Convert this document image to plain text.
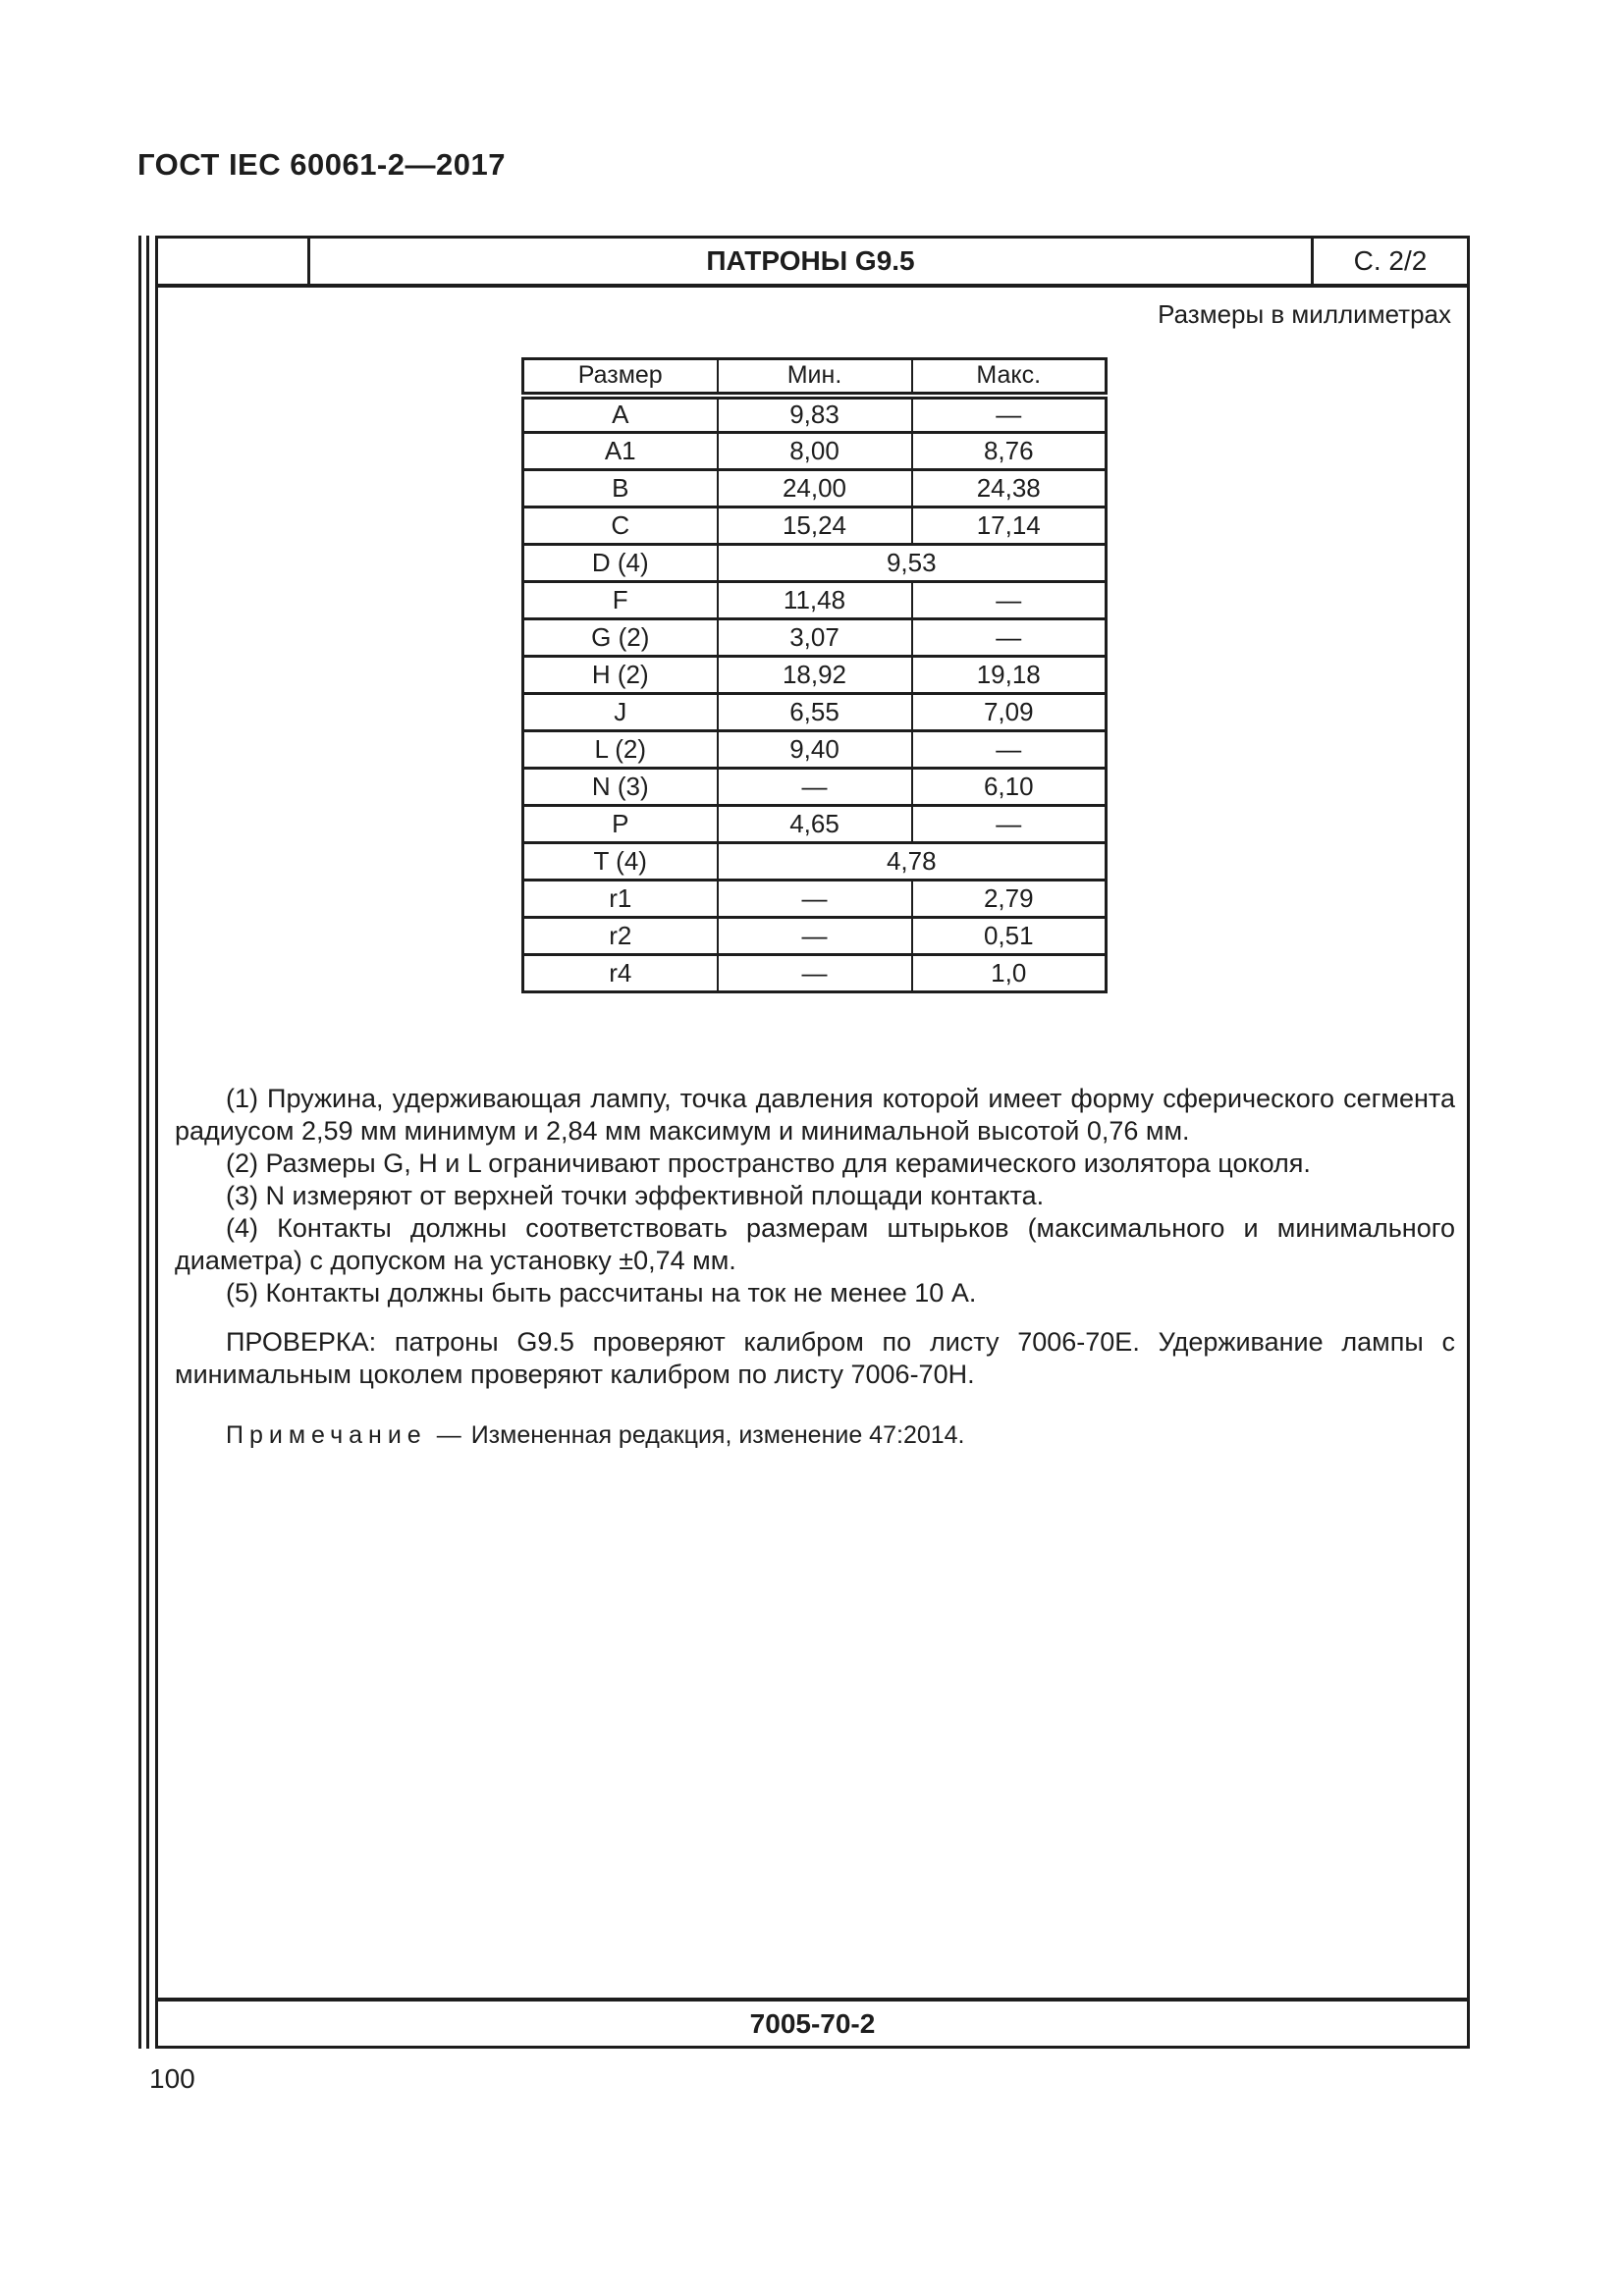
ГОСТ IEC 60061-2—2017
ПАТРОНЫ G9.5	С. 2/2
Размеры в миллиметрах
Размер	Мин.	Макс.
A	9,83	—
A1	8,00	8,76
B	24,00	24,38
C	15,24	17,14
D (4)	9,53	
F	11,48	—
G (2)	3,07	—
H (2)	18,92	19,18
J	6,55	7,09
L (2)	9,40	—
N (3)	—	6,10
P	4,65	—
T (4)	4,78	
r1	—	2,79
r2	—	0,51
r4	—	1,0

(1) Пружина, удерживающая лампу, точка давления которой имеет форму сферического сегмента радиусом 2,59 мм минимум и 2,84 мм максимум и минимальной высотой 0,76 мм.

(2) Размеры G, H и L ограничивают пространство для керамического изолятора цоколя.

(3) N измеряют от верхней точки эффективной площади контакта.

(4) Контакты должны соответствовать размерам штырьков (максимального и минимального диаметра) с допуском на установку ±0,74 мм.

(5) Контакты должны быть рассчитаны на ток не менее 10 А.

ПРОВЕРКА: патроны G9.5 проверяют калибром по листу 7006-70Е. Удерживание лампы с минимальным цоколем проверяют калибром по листу 7006-70Н.

Примечание — Измененная редакция, изменение 47:2014.

7005-70-2
100
